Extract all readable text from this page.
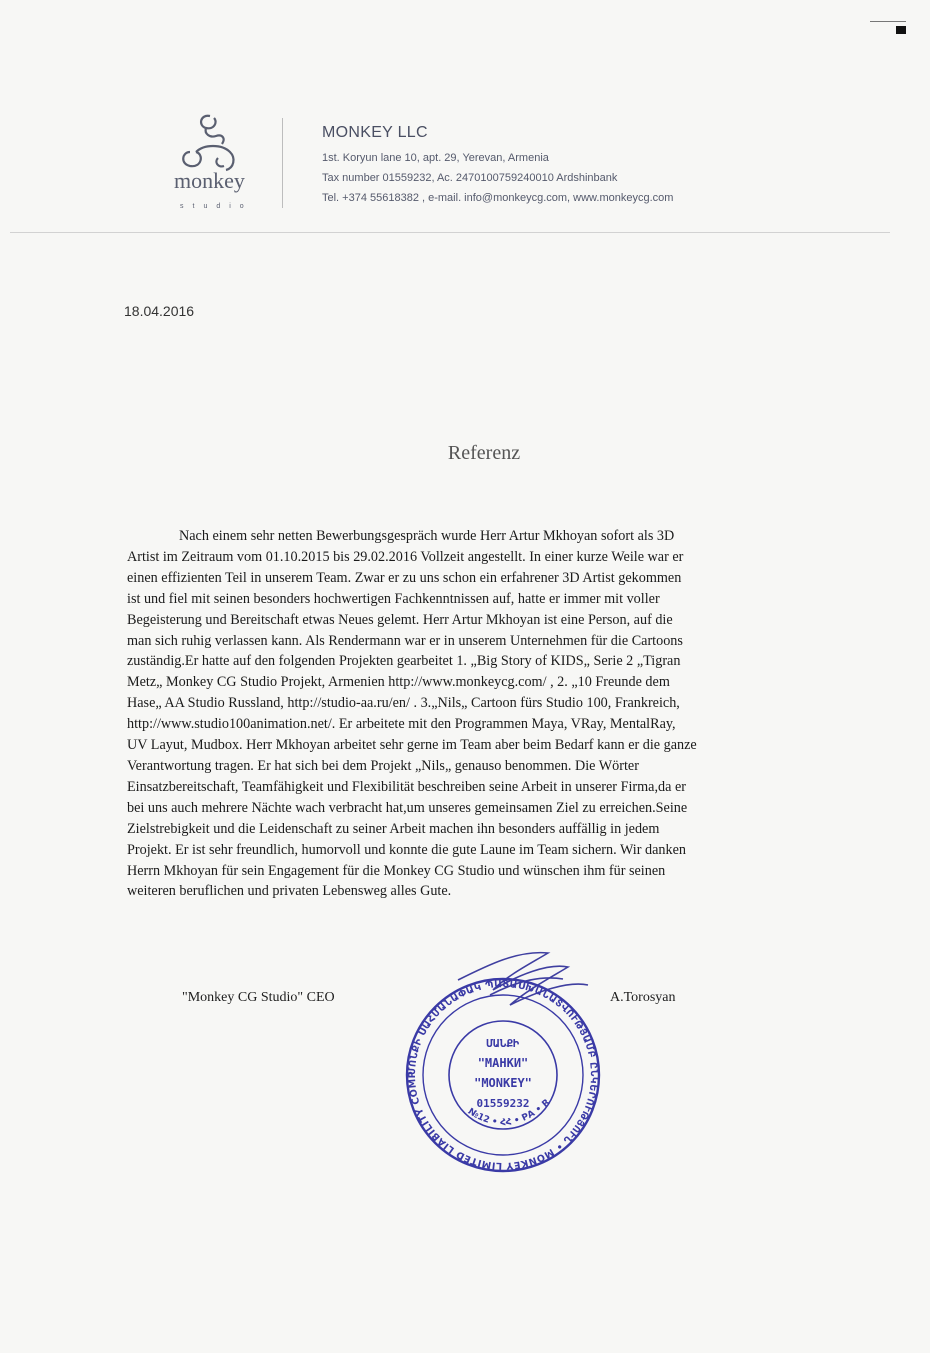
monkey
studio
MONKEY LLC
1st. Koryun lane 10, apt. 29, Yerevan, Armenia
Tax number 01559232, Ac. 2470100759240010 Ardshinbank
Tel. +374 55618382 , e-mail. info@monkeycg.com, www.monkeycg.com
18.04.2016
Referenz
Nach einem sehr netten Bewerbungsgespräch wurde Herr Artur Mkhoyan sofort als 3D
Artist im Zeitraum vom 01.10.2015 bis 29.02.2016 Vollzeit angestellt. In einer kurze Weile war er
einen effizienten Teil in unserem Team. Zwar er zu uns schon ein erfahrener 3D Artist gekommen
ist und fiel mit seinen besonders hochwertigen Fachkenntnissen auf, hatte er immer mit voller
Begeisterung und Bereitschaft etwas Neues gelemt. Herr Artur Mkhoyan ist eine Person, auf die
man sich ruhig verlassen kann. Als Rendermann war er in unserem Unternehmen für die Cartoons
zuständig.Er hatte auf den folgenden Projekten gearbeitet 1. „Big Story of KIDS„ Serie 2 „Tigran
Metz„ Monkey CG Studio Projekt, Armenien http://www.monkeycg.com/ , 2. „10 Freunde dem
Hase„ AA Studio Russland, http://studio-aa.ru/en/ . 3.„Nils„ Cartoon fürs Studio 100, Frankreich,
http://www.studio100animation.net/. Er arbeitete mit den Programmen Maya, VRay, MentalRay,
UV Layut, Mudbox. Herr Mkhoyan arbeitet sehr gerne im Team aber beim Bedarf kann er die ganze
Verantwortung tragen. Er hat sich bei dem Projekt „Nils„ genauso benommen. Die Wörter
Einsatzbereitschaft, Teamfähigkeit und Flexibilität beschreiben seine Arbeit in unserer Firma,da er
bei uns auch mehrere Nächte wach verbracht hat,um unseres gemeinsamen Ziel zu erreichen.Seine
Zielstrebigkeit und die Leidenschaft zu seiner Arbeit machen ihn besonders auffällig in jedem
Projekt. Er ist sehr freundlich, humorvoll und konnte die gute Laune im Team sichern. Wir danken
Herrn Mkhoyan für sein Engagement für die Monkey CG Studio und wünschen ihm für seinen
weiteren beruflichen und privaten Lebensweg alles Gute.
"Monkey CG Studio" CEO	A.Torosyan
ՄՈՆՔԻ ՍԱՀՄԱՆԱՓԱԿ ՊԱՏԱՍԽԱՆԱՏՎՈՒԹՅԱՄԲ ԸՆԿԵՐՈՒԹՅՈՒՆ • MONKEY LIMITED LIABILITY COMP
ՄԱՆՔԻ
"МАНКИ"
"MONKEY"
01559232
№12 • ՀՀ • РА • R
